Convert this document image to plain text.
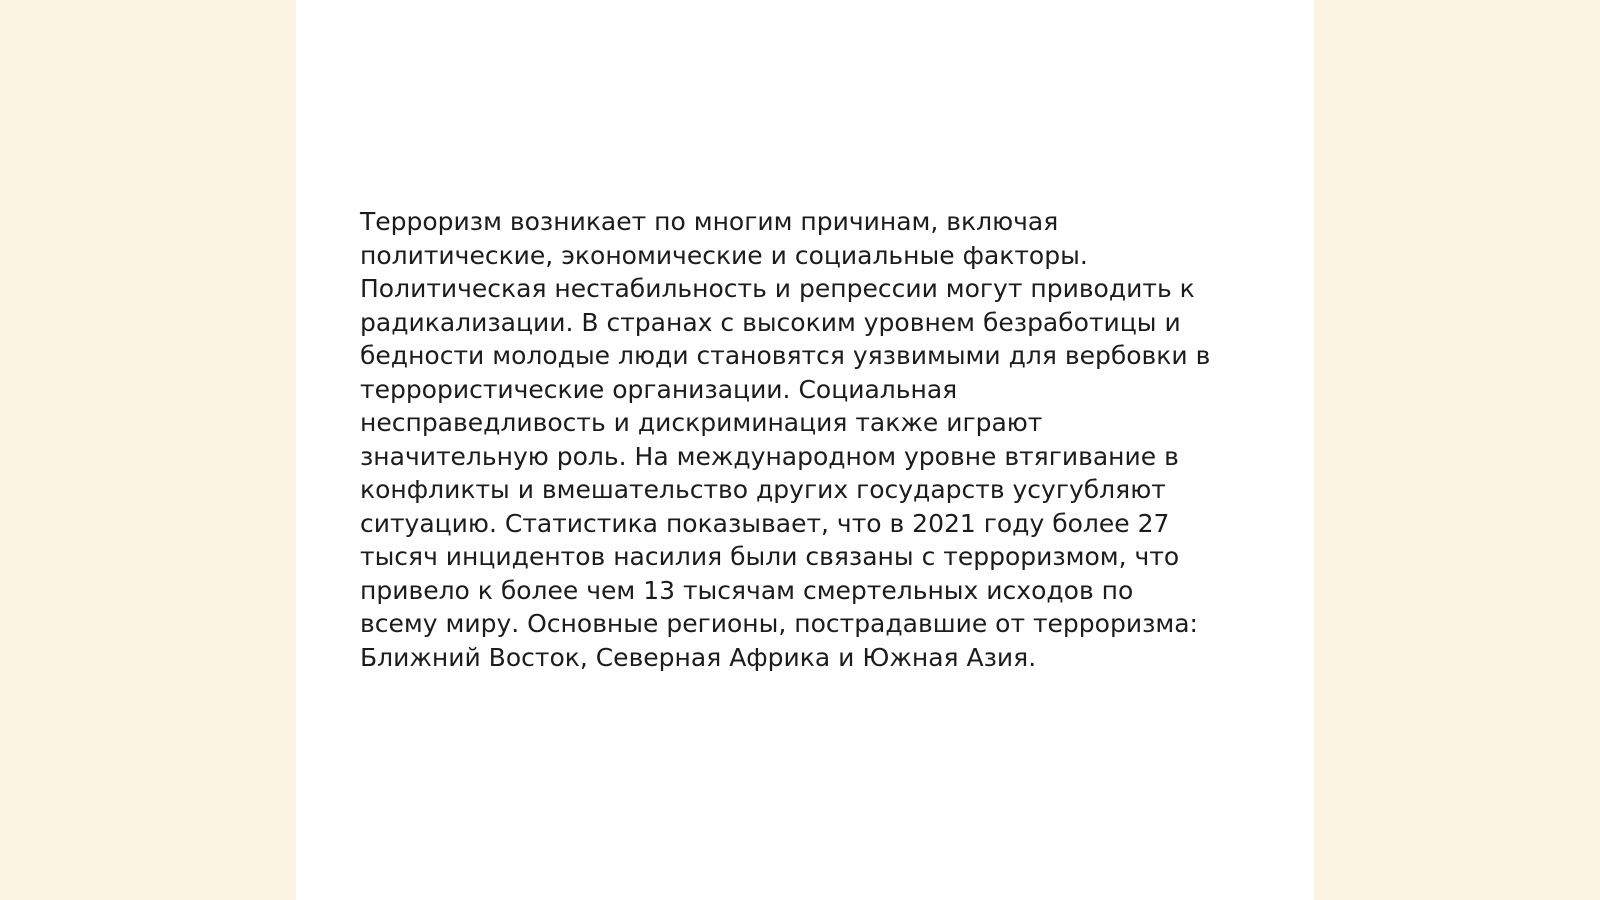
Терроризм возникает по многим причинам, включая
политические, экономические и социальные факторы.
Политическая нестабильность и репрессии могут приводить к
радикализации. В странах с высоким уровнем безработицы и
бедности молодые люди становятся уязвимыми для вербовки в
террористические организации. Социальная
несправедливость и дискриминация также играют
значительную роль. На международном уровне втягивание в
конфликты и вмешательство других государств усугубляют
ситуацию. Статистика показывает, что в 2021 году более 27
тысяч инцидентов насилия были связаны с терроризмом, что
привело к более чем 13 тысячам смертельных исходов по
всему миру. Основные регионы, пострадавшие от терроризма:
Ближний Восток, Северная Африка и Южная Азия.
